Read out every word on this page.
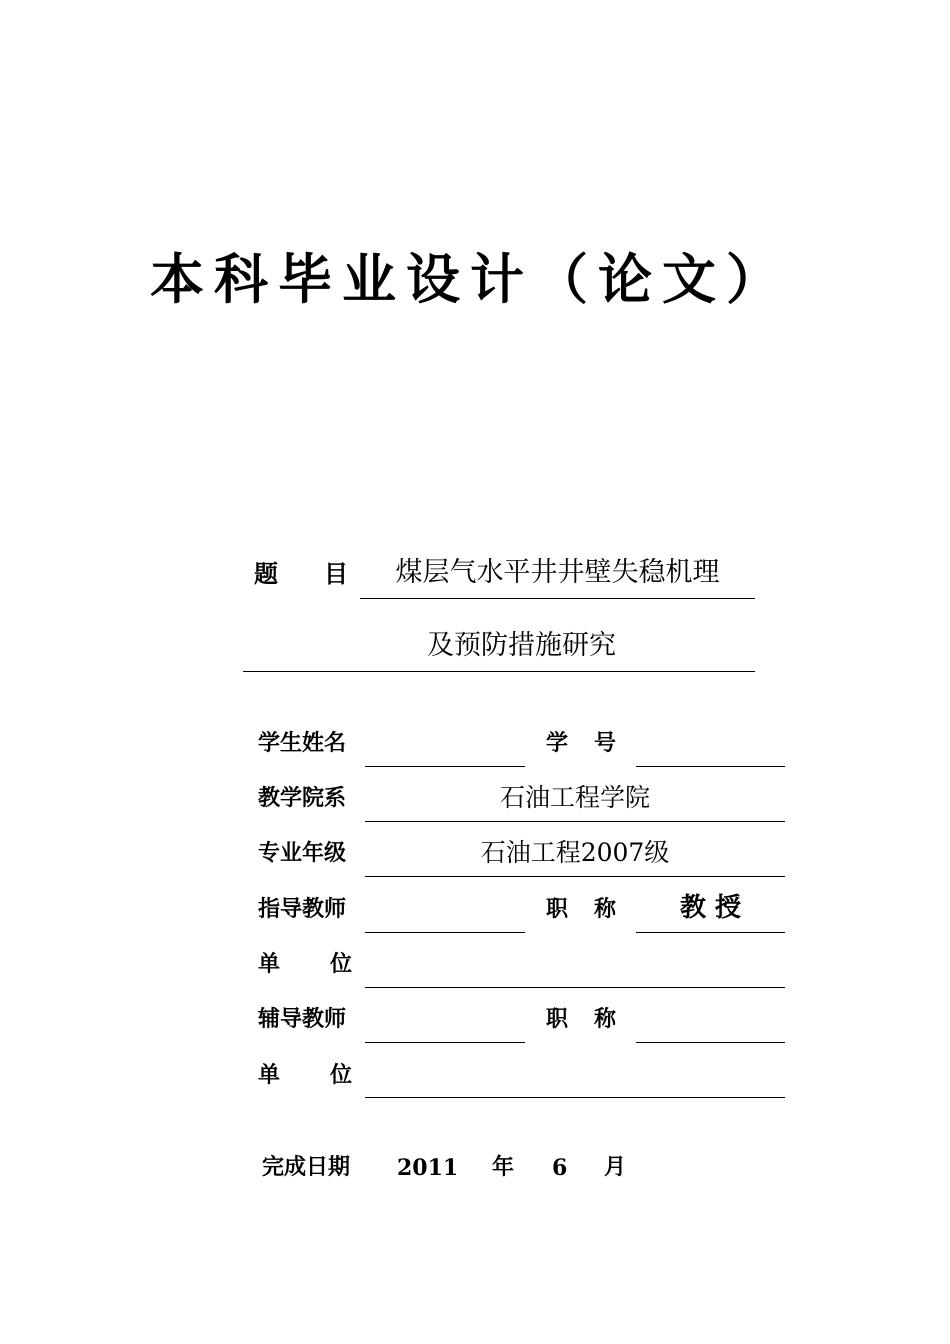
本科毕业设计（论文）
题 目	煤层气水平井井壁失稳机理
及预防措施研究
学生姓名	学 号
教学院系	石油工程学院
专业年级	石油工程2007级
指导教师	职 称	教 授
单 位
辅导教师	职 称
单 位
完成日期 2011 年 6 月
